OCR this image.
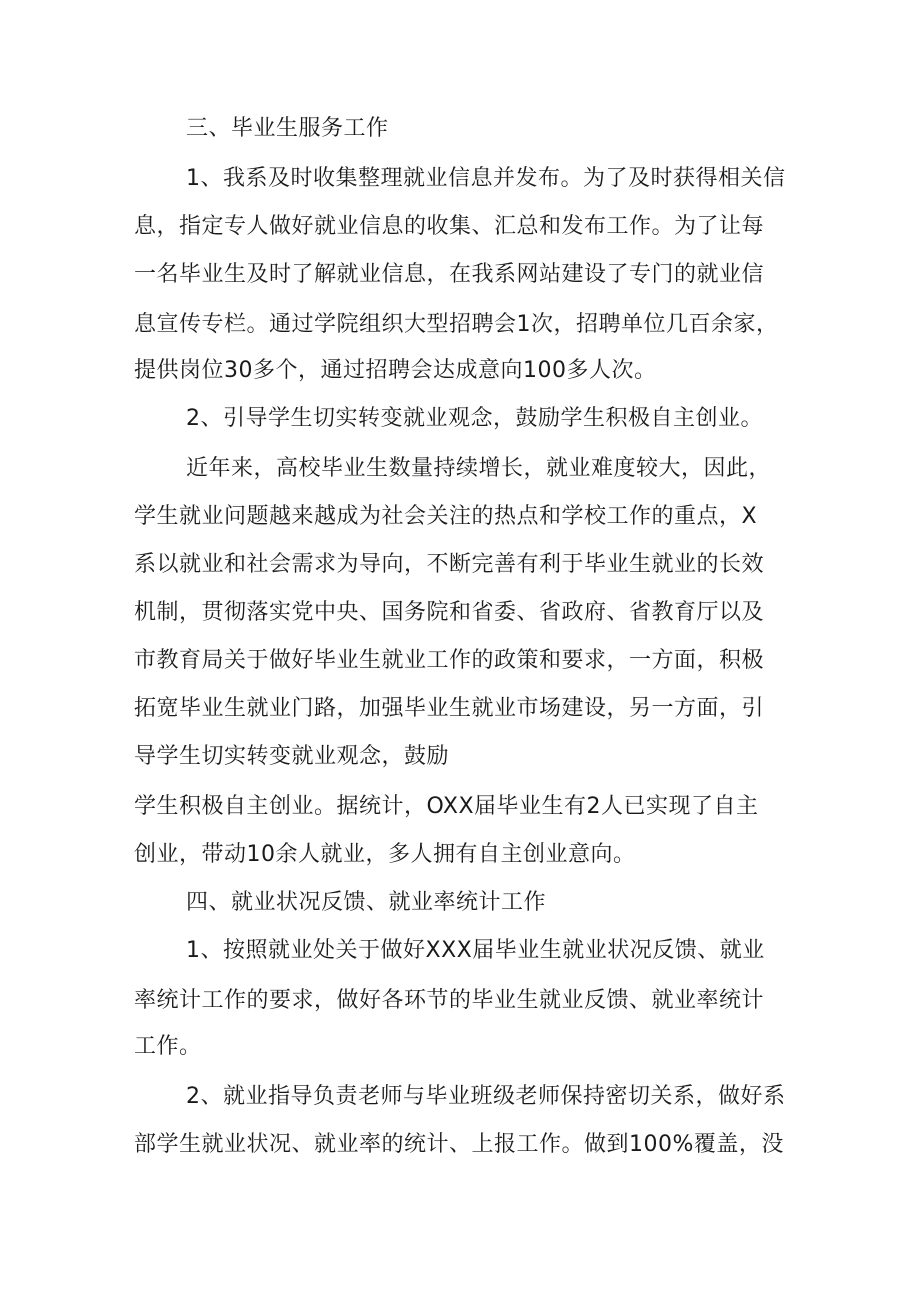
三、毕业生服务工作

1、我系及时收集整理就业信息并发布。为了及时获得相关信

息，指定专人做好就业信息的收集、汇总和发布工作。为了让每

一名毕业生及时了解就业信息，在我系网站建设了专门的就业信

息宣传专栏。通过学院组织大型招聘会1次，招聘单位几百余家，

提供岗位30多个，通过招聘会达成意向100多人次。

2、引导学生切实转变就业观念，鼓励学生积极自主创业。

近年来，高校毕业生数量持续增长，就业难度较大，因此，

学生就业问题越来越成为社会关注的热点和学校工作的重点，X

系以就业和社会需求为导向，不断完善有利于毕业生就业的长效

机制，贯彻落实党中央、国务院和省委、省政府、省教育厅以及

市教育局关于做好毕业生就业工作的政策和要求，一方面，积极

拓宽毕业生就业门路，加强毕业生就业市场建设，另一方面，引

导学生切实转变就业观念，鼓励

学生积极自主创业。据统计，OXX届毕业生有2人已实现了自主

创业，带动10余人就业，多人拥有自主创业意向。

四、就业状况反馈、就业率统计工作

1、按照就业处关于做好XXX届毕业生就业状况反馈、就业

率统计工作的要求，做好各环节的毕业生就业反馈、就业率统计

工作。

2、就业指导负责老师与毕业班级老师保持密切关系，做好系

部学生就业状况、就业率的统计、上报工作。做到100%覆盖，没
